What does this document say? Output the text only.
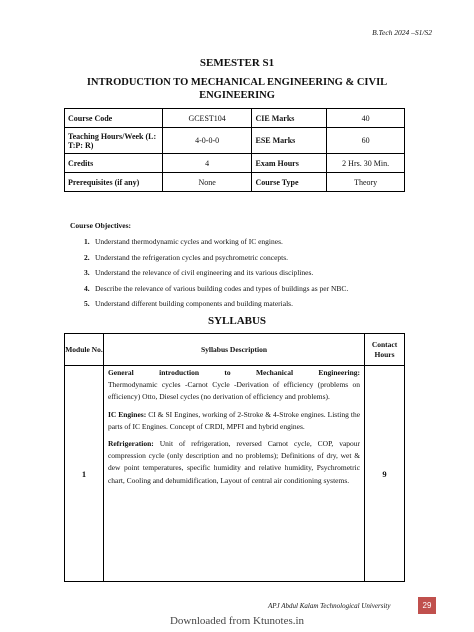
B.Tech 2024 –S1/S2
SEMESTER S1
INTRODUCTION TO MECHANICAL ENGINEERING & CIVIL ENGINEERING
Course Code	GCEST104	CIE Marks	40
Teaching Hours/Week (L: T:P: R)	4-0-0-0	ESE Marks	60
Credits	4	Exam Hours	2 Hrs. 30 Min.
Prerequisites (if any)	None	Course Type	Theory
Course Objectives:
1. Understand thermodynamic cycles and working of IC engines.
2. Understand the refrigeration cycles and psychrometric concepts.
3. Understand the relevance of civil engineering and its various disciplines.
4. Describe the relevance of various building codes and types of buildings as per NBC.
5. Understand different building components and building materials.
SYLLABUS
Module No.	Syllabus Description	Contact Hours
1	General introduction to Mechanical Engineering:
Thermodynamic cycles -Carnot Cycle -Derivation of efficiency (problems on efficiency) Otto, Diesel cycles (no derivation of efficiency and problems).

IC Engines: CI & SI Engines, working of 2-Stroke & 4-Stroke engines. Listing the parts of IC Engines. Concept of CRDI, MPFI and hybrid engines.

Refrigeration: Unit of refrigeration, reversed Carnot cycle, COP, vapour compression cycle (only description and no problems); Definitions of dry, wet & dew point temperatures, specific humidity and relative humidity, Psychrometric chart, Cooling and dehumidification, Layout of central air conditioning systems.	9
APJ Abdul Kalam Technological University	29
Downloaded from Ktunotes.in
